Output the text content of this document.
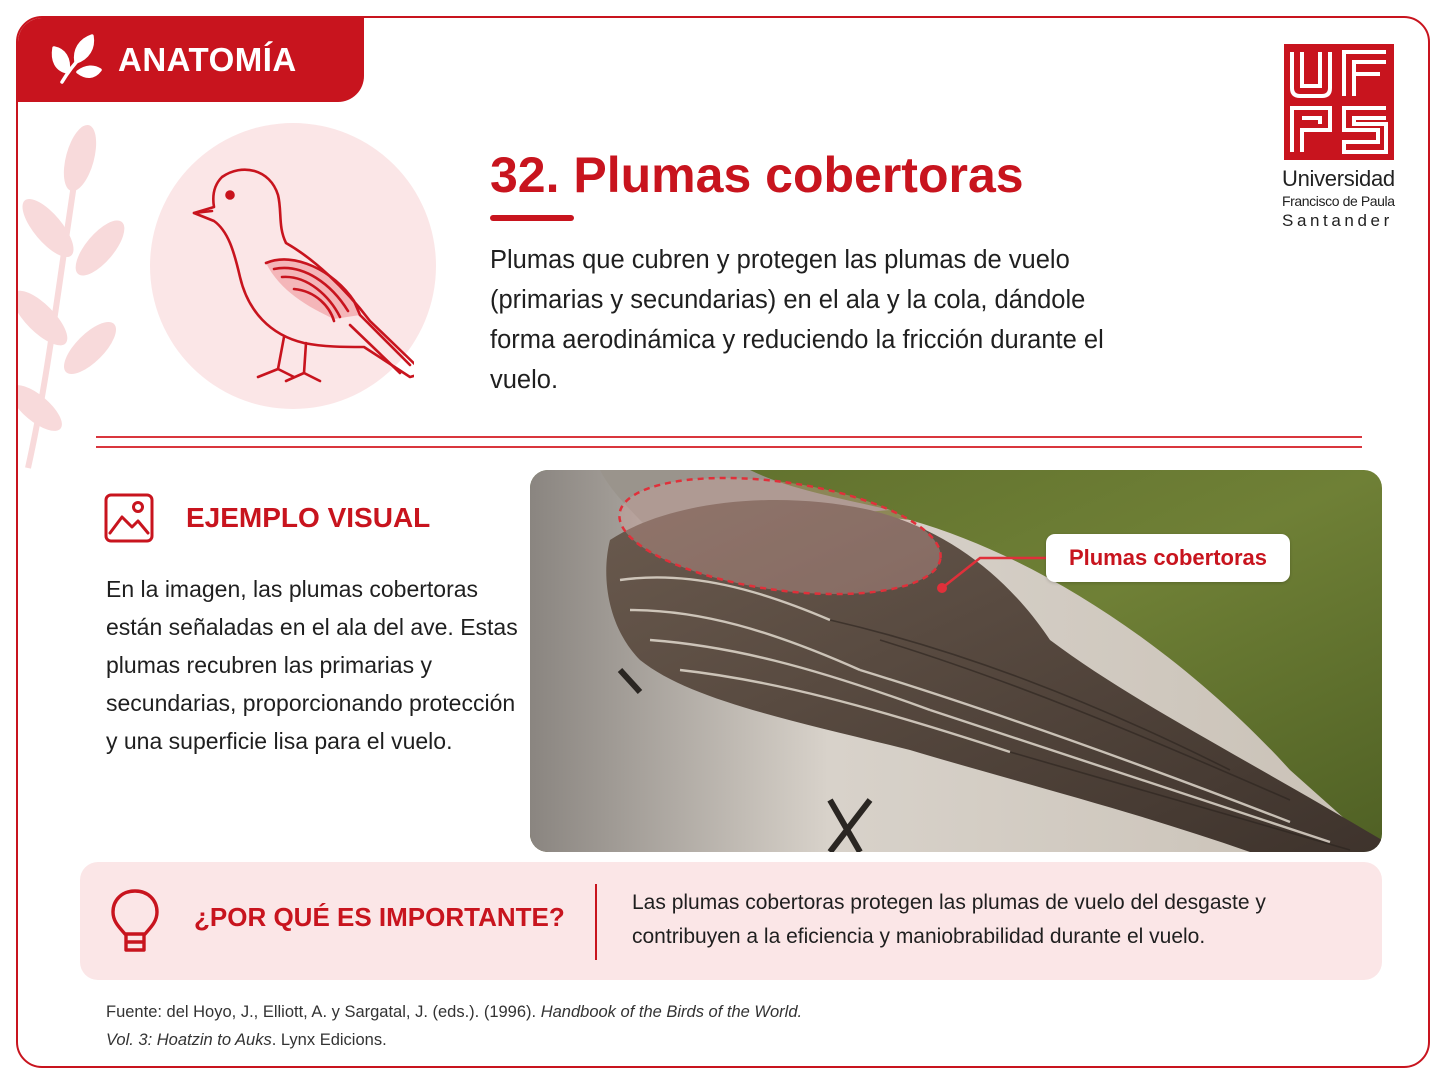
ANATOMÍA
32. Plumas cobertoras

Plumas que cubren y protegen las plumas de vuelo (primarias y secundarias) en el ala y la cola, dándole forma aerodinámica y reduciendo la fricción durante el vuelo.

Universidad
Francisco de Paula
Santander
EJEMPLO VISUAL

En la imagen, las plumas cobertoras están señaladas en el ala del ave. Estas plumas recubren las primarias y secundarias, proporcionando protección y una superficie lisa para el vuelo.

Plumas cobertoras
¿POR QUÉ ES IMPORTANTE?	Las plumas cobertoras protegen las plumas de vuelo del desgaste y contribuyen a la eficiencia y maniobrabilidad durante el vuelo.

Fuente: del Hoyo, J., Elliott, A. y Sargatal, J. (eds.). (1996). Handbook of the Birds of the World.
Vol. 3: Hoatzin to Auks. Lynx Edicions.
